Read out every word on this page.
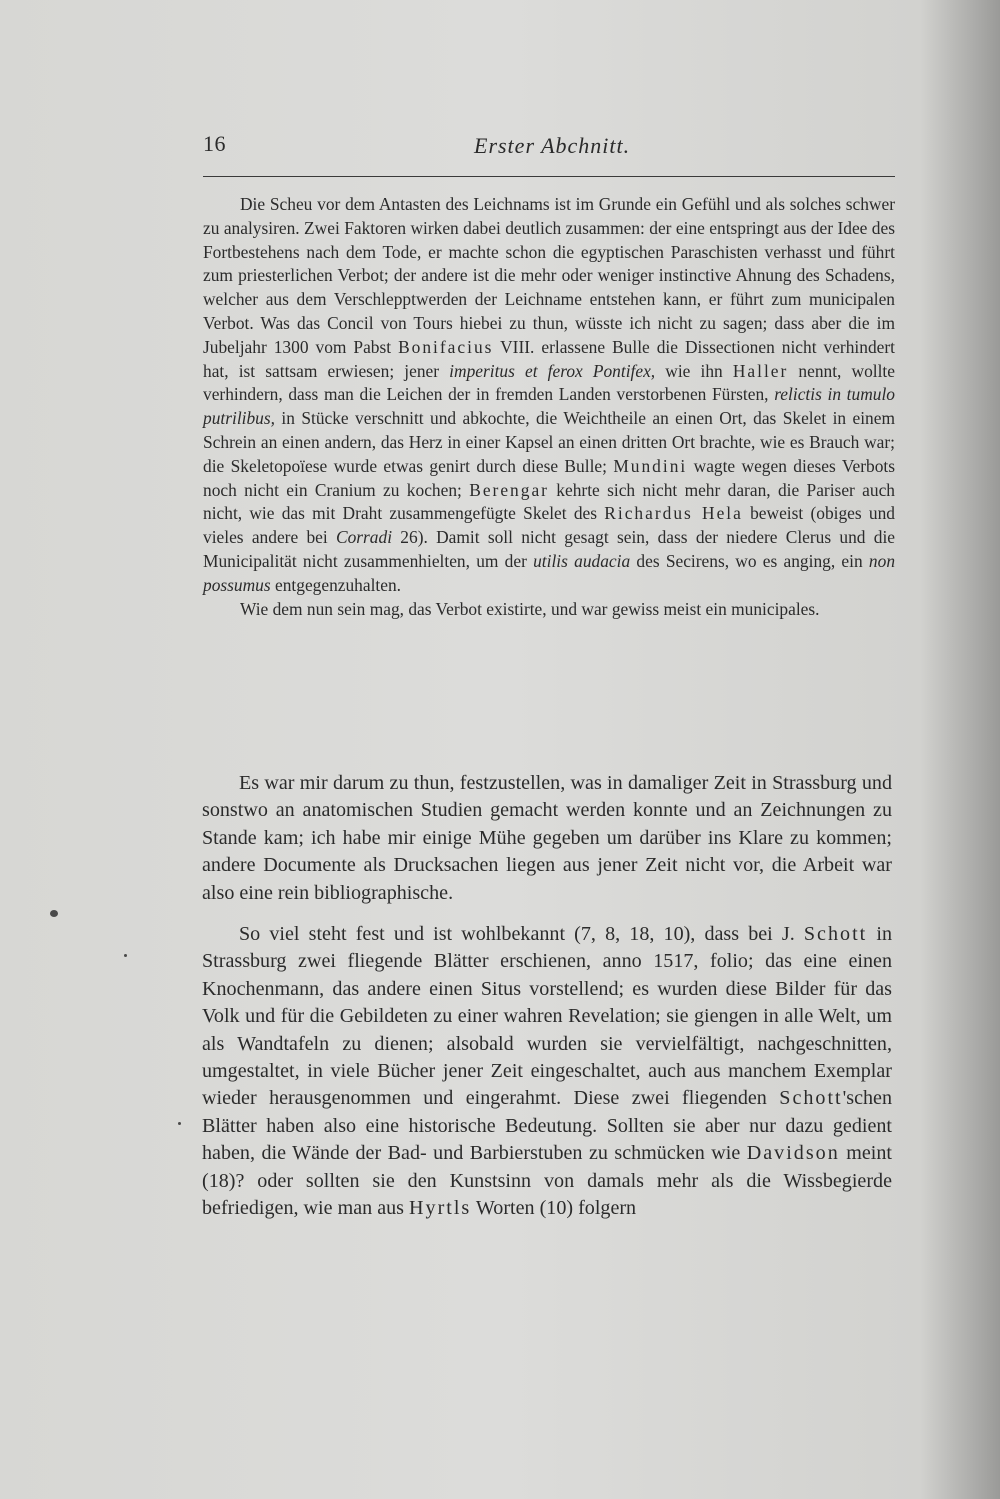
16	Erster Abchnitt.

Die Scheu vor dem Antasten des Leichnams ist im Grunde ein Gefühl und als solches schwer zu analysiren. Zwei Faktoren wirken dabei deutlich zusammen: der eine entspringt aus der Idee des Fortbestehens nach dem Tode, er machte schon die egyptischen Paraschisten verhasst und führt zum priesterlichen Verbot; der andere ist die mehr oder weniger instinctive Ahnung des Schadens, welcher aus dem Verschlepptwerden der Leichname entstehen kann, er führt zum municipalen Verbot. Was das Concil von Tours hiebei zu thun, wüsste ich nicht zu sagen; dass aber die im Jubeljahr 1300 vom Pabst Bonifacius VIII. erlassene Bulle die Dissectionen nicht verhindert hat, ist sattsam erwiesen; jener imperitus et ferox Pontifex, wie ihn Haller nennt, wollte verhindern, dass man die Leichen der in fremden Landen verstorbenen Fürsten, relictis in tumulo putrilibus, in Stücke verschnitt und abkochte, die Weichtheile an einen Ort, das Skelet in einem Schrein an einen andern, das Herz in einer Kapsel an einen dritten Ort brachte, wie es Brauch war; die Skeletopoïese wurde etwas genirt durch diese Bulle; Mundini wagte wegen dieses Verbots noch nicht ein Cranium zu kochen; Berengar kehrte sich nicht mehr daran, die Pariser auch nicht, wie das mit Draht zusammengefügte Skelet des Richardus Hela beweist (obiges und vieles andere bei Corradi 26). Damit soll nicht gesagt sein, dass der niedere Clerus und die Municipalität nicht zusammenhielten, um der utilis audacia des Secirens, wo es anging, ein non possumus entgegenzuhalten.

Wie dem nun sein mag, das Verbot existirte, und war gewiss meist ein municipales.

Es war mir darum zu thun, festzustellen, was in damaliger Zeit in Strassburg und sonstwo an anatomischen Studien gemacht werden konnte und an Zeichnungen zu Stande kam; ich habe mir einige Mühe gegeben um darüber ins Klare zu kommen; andere Documente als Drucksachen liegen aus jener Zeit nicht vor, die Arbeit war also eine rein bibliographische.

So viel steht fest und ist wohlbekannt (7, 8, 18, 10), dass bei J. Schott in Strassburg zwei fliegende Blätter erschienen, anno 1517, folio; das eine einen Knochenmann, das andere einen Situs vorstellend; es wurden diese Bilder für das Volk und für die Gebildeten zu einer wahren Revelation; sie giengen in alle Welt, um als Wandtafeln zu dienen; alsobald wurden sie vervielfältigt, nachgeschnitten, umgestaltet, in viele Bücher jener Zeit eingeschaltet, auch aus manchem Exemplar wieder herausgenommen und eingerahmt. Diese zwei fliegenden Schott'schen Blätter haben also eine historische Bedeutung. Sollten sie aber nur dazu gedient haben, die Wände der Bad- und Barbierstuben zu schmücken wie Davidson meint (18)? oder sollten sie den Kunstsinn von damals mehr als die Wissbegierde befriedigen, wie man aus Hyrtls Worten (10) folgern
